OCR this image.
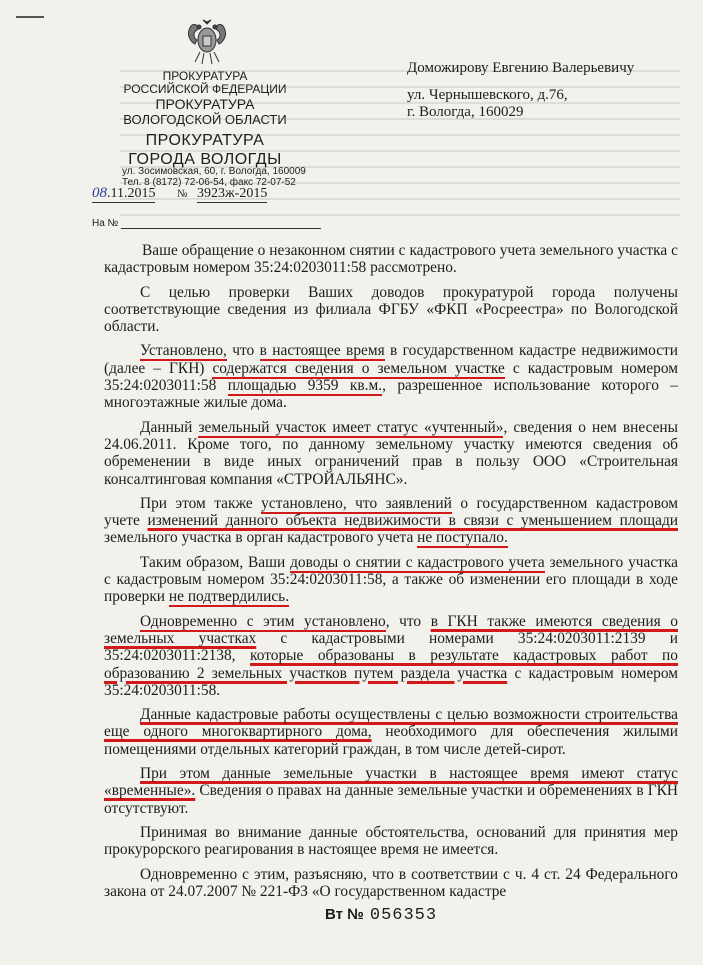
ПРОКУРАТУРА
РОССИЙСКОЙ ФЕДЕРАЦИИ
ПРОКУРАТУРА
ВОЛОГОДСКОЙ ОБЛАСТИ
ПРОКУРАТУРА
ГОРОДА ВОЛОГДЫ
ул. Зосимовская, 60, г. Вологда, 160009
Тел. 8 (8172) 72-06-54, факс 72-07-52
08.11.2015 № 3923ж-2015
На №
Доможирову Евгению Валерьевичу
ул. Чернышевского, д.76,
г. Вологда, 160029

Ваше обращение о незаконном снятии с кадастрового учета земельного участка с кадастровым номером 35:24:0203011:58 рассмотрено.

С целью проверки Ваших доводов прокуратурой города получены соответствующие сведения из филиала ФГБУ «ФКП «Росреестра» по Вологодской области.

Установлено, что в настоящее время в государственном кадастре недвижимости (далее – ГКН) содержатся сведения о земельном участке с кадастровым номером 35:24:0203011:58 площадью 9359 кв.м., разрешенное использование которого – многоэтажные жилые дома.

Данный земельный участок имеет статус «учтенный», сведения о нем внесены 24.06.2011. Кроме того, по данному земельному участку имеются сведения об обременении в виде иных ограничений прав в пользу ООО «Строительная консалтинговая компания «СТРОЙАЛЬЯНС».

При этом также установлено, что заявлений о государственном кадастровом учете изменений данного объекта недвижимости в связи с уменьшением площади земельного участка в орган кадастрового учета не поступало.

Таким образом, Ваши доводы о снятии с кадастрового учета земельного участка с кадастровым номером 35:24:0203011:58, а также об изменении его площади в ходе проверки не подтвердились.

Одновременно с этим установлено, что в ГКН также имеются сведения о земельных участках с кадастровыми номерами 35:24:0203011:2139 и 35:24:0203011:2138, которые образованы в результате кадастровых работ по образованию 2 земельных участков путем раздела участка с кадастровым номером 35:24:0203011:58.

Данные кадастровые работы осуществлены с целью возможности строительства еще одного многоквартирного дома, необходимого для обеспечения жилыми помещениями отдельных категорий граждан, в том числе детей-сирот.

При этом данные земельные участки в настоящее время имеют статус «временные». Сведения о правах на данные земельные участки и обременениях в ГКН отсутствуют.

Принимая во внимание данные обстоятельства, оснований для принятия мер прокурорского реагирования в настоящее время не имеется.

Одновременно с этим, разъясняю, что в соответствии с ч. 4 ст. 24 Федерального закона от 24.07.2007 № 221-ФЗ «О государственном кадастре

Вт № 056353
